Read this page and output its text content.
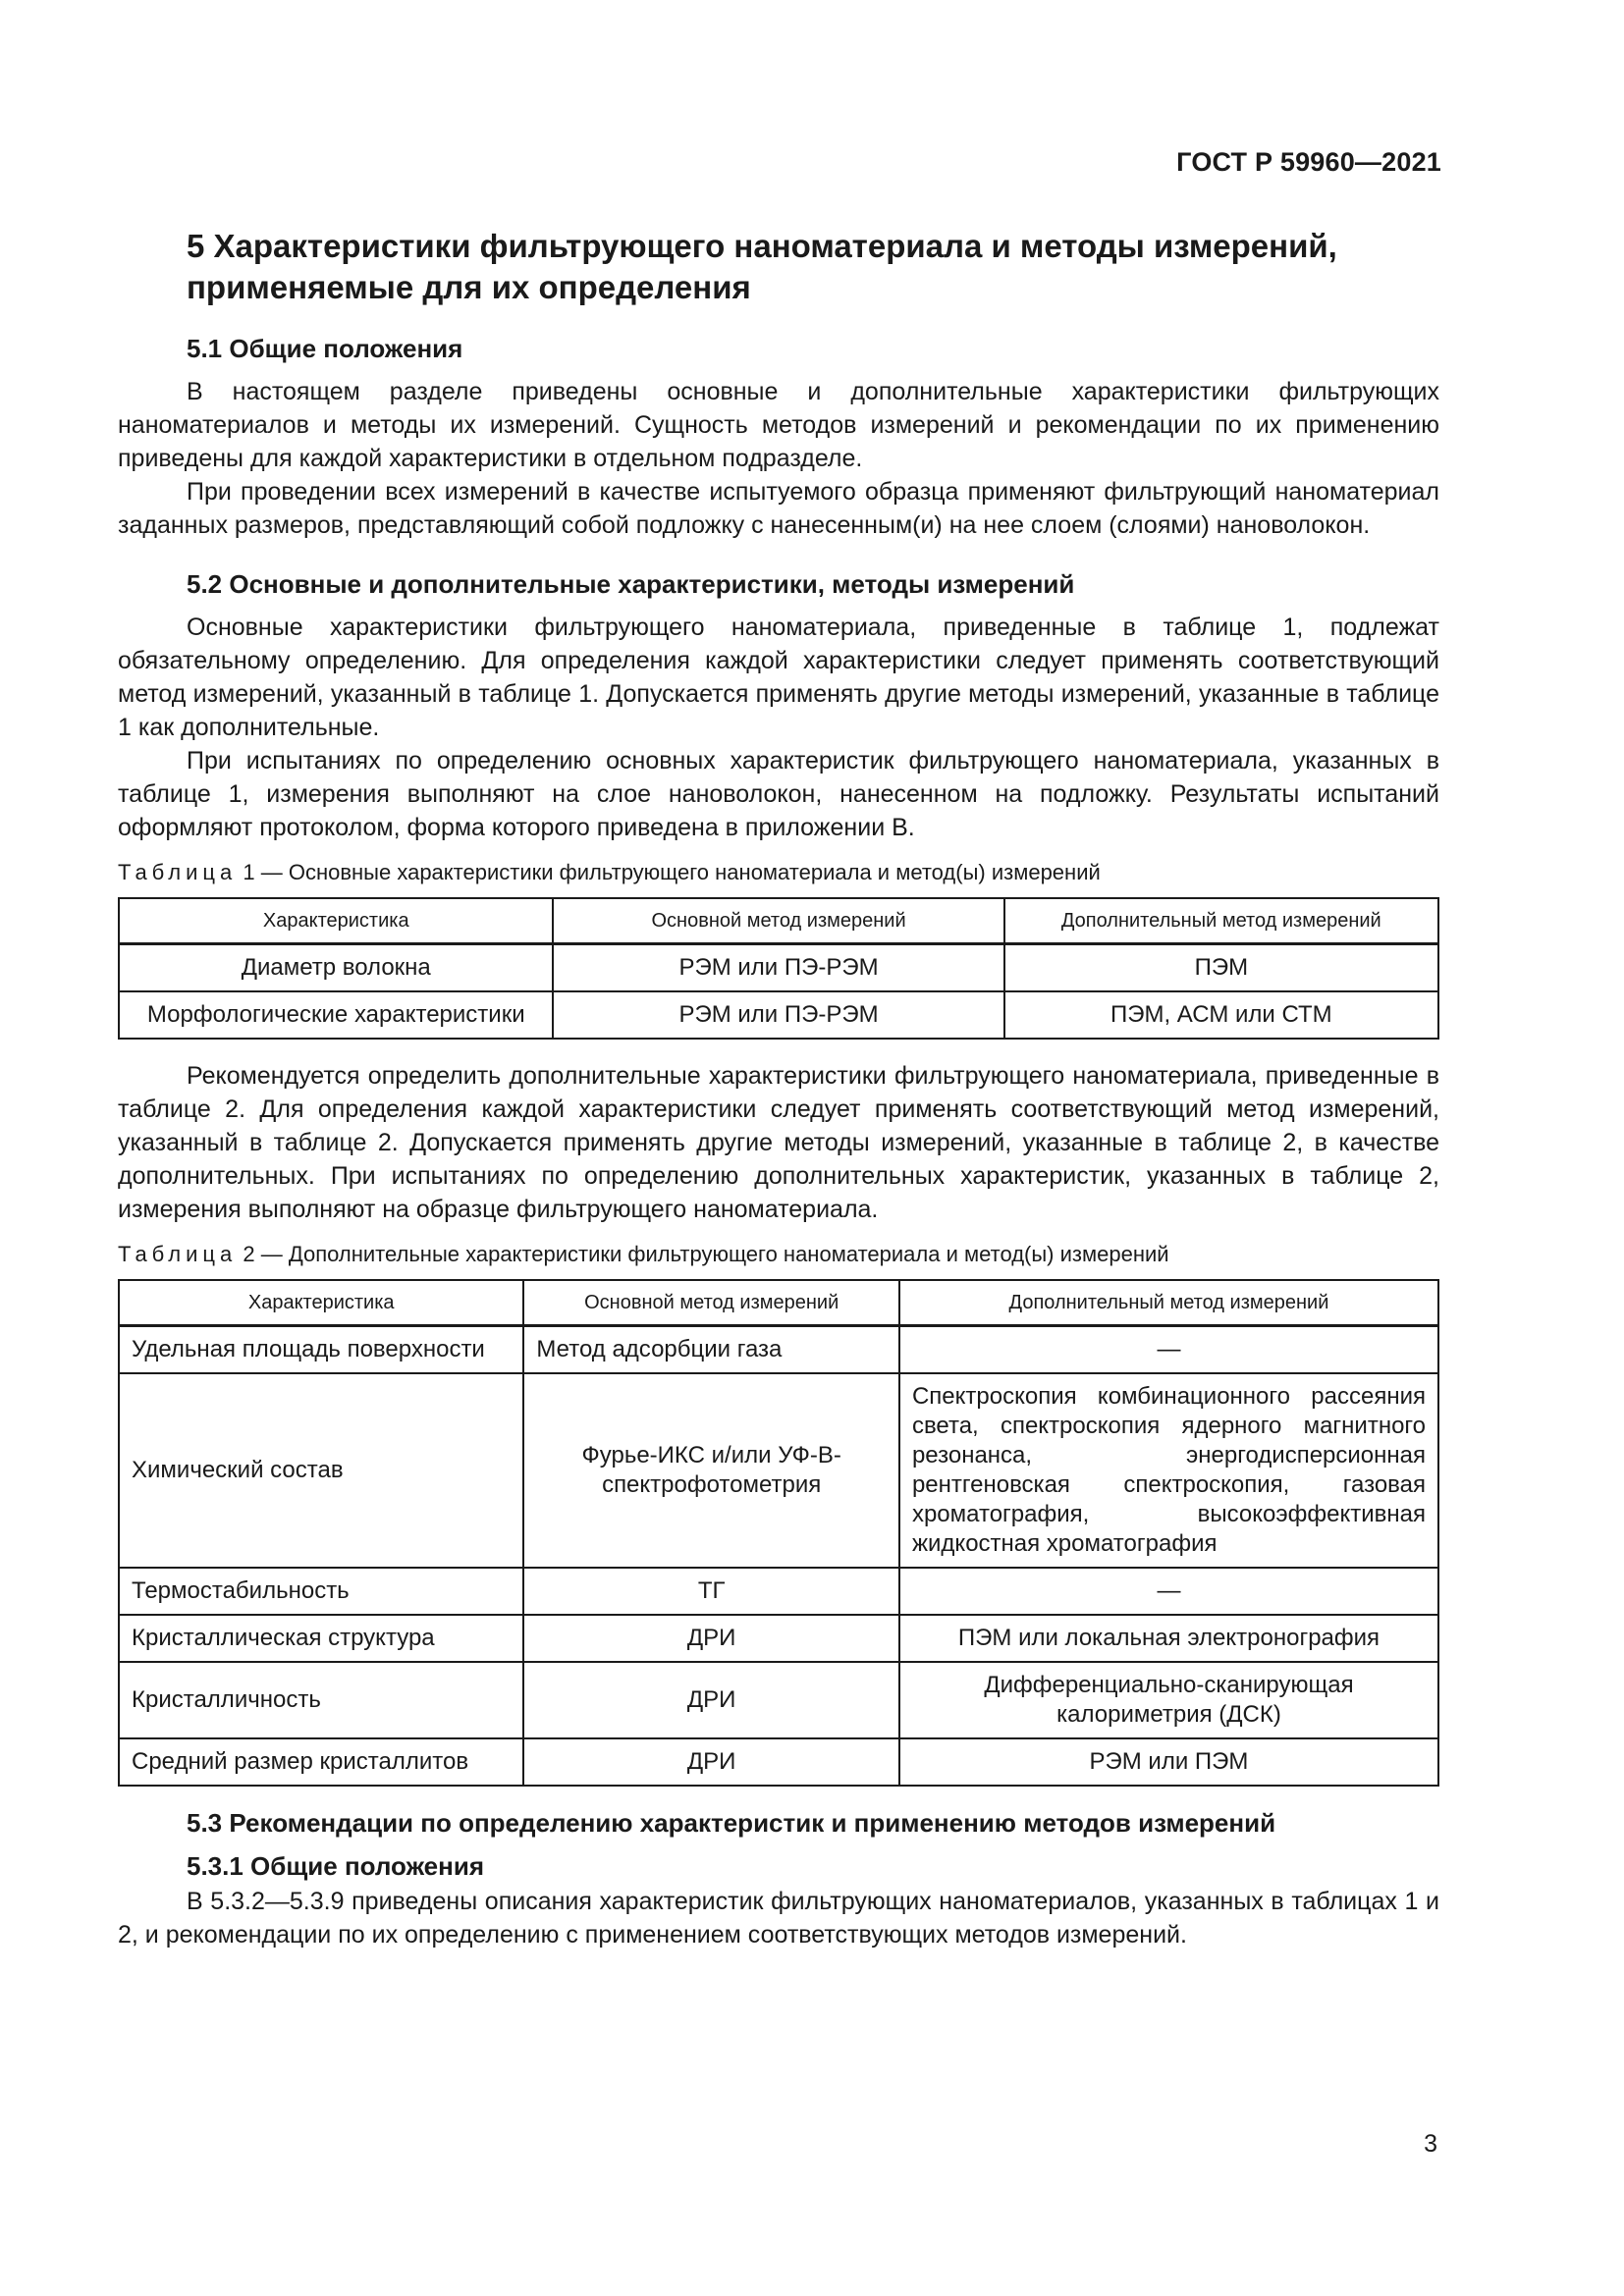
ГОСТ Р 59960—2021
5 Характеристики фильтрующего наноматериала и методы измерений,
применяемые для их определения
5.1 Общие положения

В настоящем разделе приведены основные и дополнительные характеристики фильтрующих наноматериалов и методы их измерений. Сущность методов измерений и рекомендации по их применению приведены для каждой характеристики в отдельном подразделе.

При проведении всех измерений в качестве испытуемого образца применяют фильтрующий наноматериал заданных размеров, представляющий собой подложку с нанесенным(и) на нее слоем (слоями) нановолокон.

5.2 Основные и дополнительные характеристики, методы измерений

Основные характеристики фильтрующего наноматериала, приведенные в таблице 1, подлежат обязательному определению. Для определения каждой характеристики следует применять соответствующий метод измерений, указанный в таблице 1. Допускается применять другие методы измерений, указанные в таблице 1 как дополнительные.

При испытаниях по определению основных характеристик фильтрующего наноматериала, указанных в таблице 1, измерения выполняют на слое нановолокон, нанесенном на подложку. Результаты испытаний оформляют протоколом, форма которого приведена в приложении В.

Таблица 1 — Основные характеристики фильтрующего наноматериала и метод(ы) измерений
Характеристика	Основной метод измерений	Дополнительный метод измерений
Диаметр волокна	РЭМ или ПЭ-РЭМ	ПЭМ
Морфологические характеристики	РЭМ или ПЭ-РЭМ	ПЭМ, АСМ или СТМ

Рекомендуется определить дополнительные характеристики фильтрующего наноматериала, приведенные в таблице 2. Для определения каждой характеристики следует применять соответствующий метод измерений, указанный в таблице 2. Допускается применять другие методы измерений, указанные в таблице 2, в качестве дополнительных. При испытаниях по определению дополнительных характеристик, указанных в таблице 2, измерения выполняют на образце фильтрующего наноматериала.

Таблица 2 — Дополнительные характеристики фильтрующего наноматериала и метод(ы) измерений
Характеристика	Основной метод измерений	Дополнительный метод измерений
Удельная площадь поверхности	Метод адсорбции газа	—
Химический состав	Фурье-ИКС и/или УФ-В-спектрофотометрия	Спектроскопия комбинационного рассеяния света, спектроскопия ядерного магнитного резонанса, энергодисперсионная рентгеновская спектроскопия, газовая хроматография, высокоэффективная жидкостная хроматография
Термостабильность	ТГ	—
Кристаллическая структура	ДРИ	ПЭМ или локальная электронография
Кристалличность	ДРИ	Дифференциально-сканирующая калориметрия (ДСК)
Средний размер кристаллитов	ДРИ	РЭМ или ПЭМ
5.3 Рекомендации по определению характеристик и применению методов измерений
5.3.1 Общие положения

В 5.3.2—5.3.9 приведены описания характеристик фильтрующих наноматериалов, указанных в таблицах 1 и 2, и рекомендации по их определению с применением соответствующих методов измерений.

3
